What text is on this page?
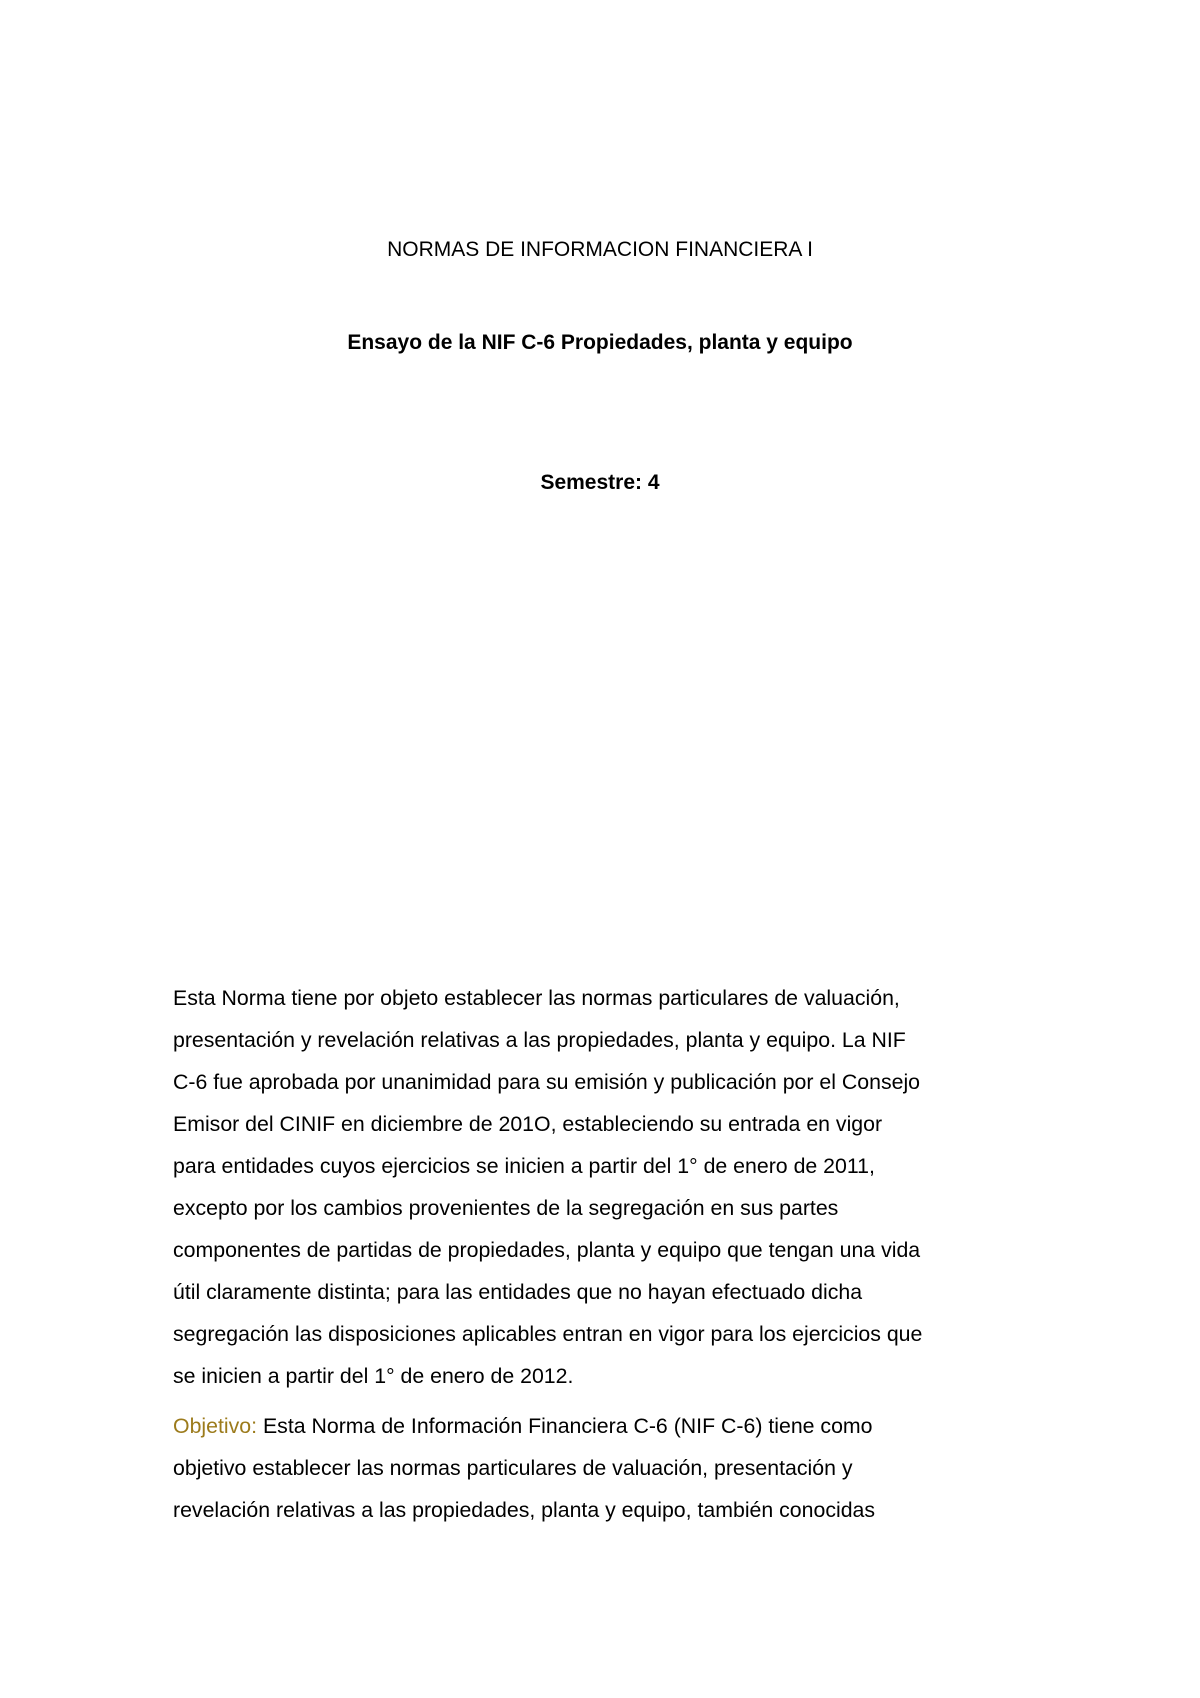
NORMAS DE INFORMACION FINANCIERA I
Ensayo de la NIF C-6 Propiedades, planta y equipo
Semestre: 4
Esta Norma tiene por objeto establecer las normas particulares de valuación,
presentación y revelación relativas a las propiedades, planta y equipo. La NIF
C-6 fue aprobada por unanimidad para su emisión y publicación por el Consejo
Emisor del CINIF en diciembre de 201O, estableciendo su entrada en vigor
para entidades cuyos ejercicios se inicien a partir del 1° de enero de 2011,
excepto por los cambios provenientes de la segregación en sus partes
componentes de partidas de propiedades, planta y equipo que tengan una vida
útil claramente distinta; para las entidades que no hayan efectuado dicha
segregación las disposiciones aplicables entran en vigor para los ejercicios que
se inicien a partir del 1° de enero de 2012.
Objetivo: Esta Norma de Información Financiera C-6 (NIF C-6) tiene como
objetivo establecer las normas particulares de valuación, presentación y
revelación relativas a las propiedades, planta y equipo, también conocidas
